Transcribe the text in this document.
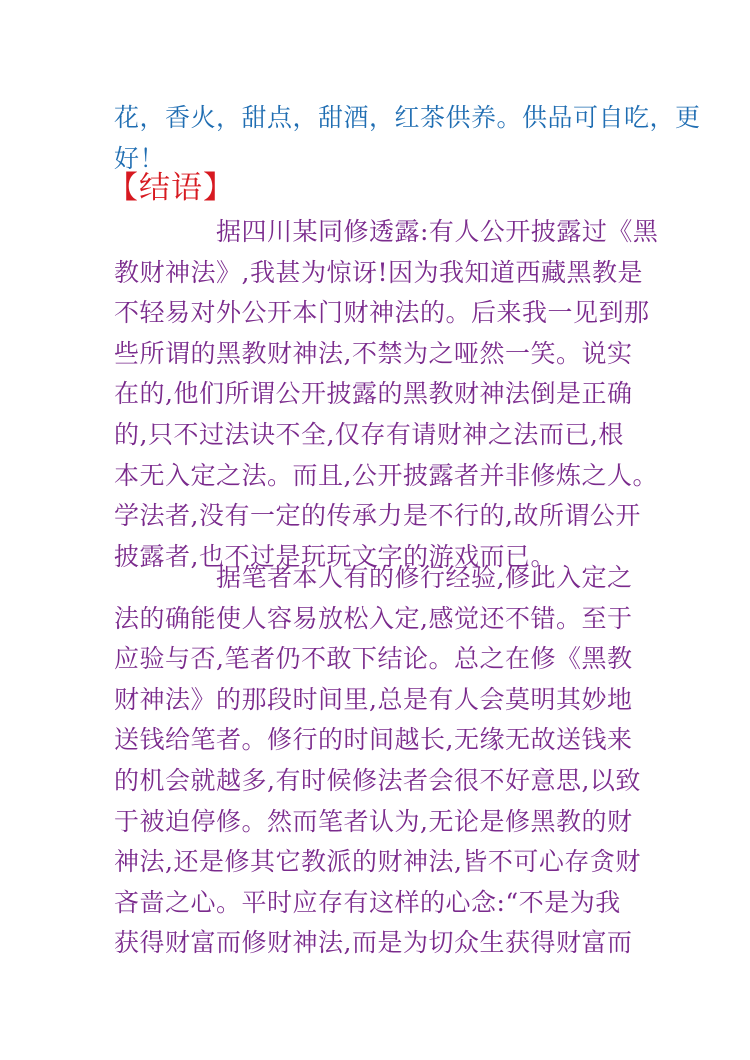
花，香火，甜点，甜酒，红茶供养。供品可自吃，更
好！
【结语】
　　　　据四川某同修透露:有人公开披露过《黑
教财神法》,我甚为惊讶!因为我知道西藏黑教是
不轻易对外公开本门财神法的。后来我一见到那
些所谓的黑教财神法,不禁为之哑然一笑。说实
在的,他们所谓公开披露的黑教财神法倒是正确
的,只不过法诀不全,仅存有请财神之法而已,根
本无入定之法。而且,公开披露者并非修炼之人。
学法者,没有一定的传承力是不行的,故所谓公开
披露者,也不过是玩玩文字的游戏而已。
　　　　据笔者本人有的修行经验,修此入定之
法的确能使人容易放松入定,感觉还不错。至于
应验与否,笔者仍不敢下结论。总之在修《黑教
财神法》的那段时间里,总是有人会莫明其妙地
送钱给笔者。修行的时间越长,无缘无故送钱来
的机会就越多,有时候修法者会很不好意思,以致
于被迫停修。然而笔者认为,无论是修黑教的财
神法,还是修其它教派的财神法,皆不可心存贪财
吝啬之心。平时应存有这样的心念:“不是为我
获得财富而修财神法,而是为切众生获得财富而
